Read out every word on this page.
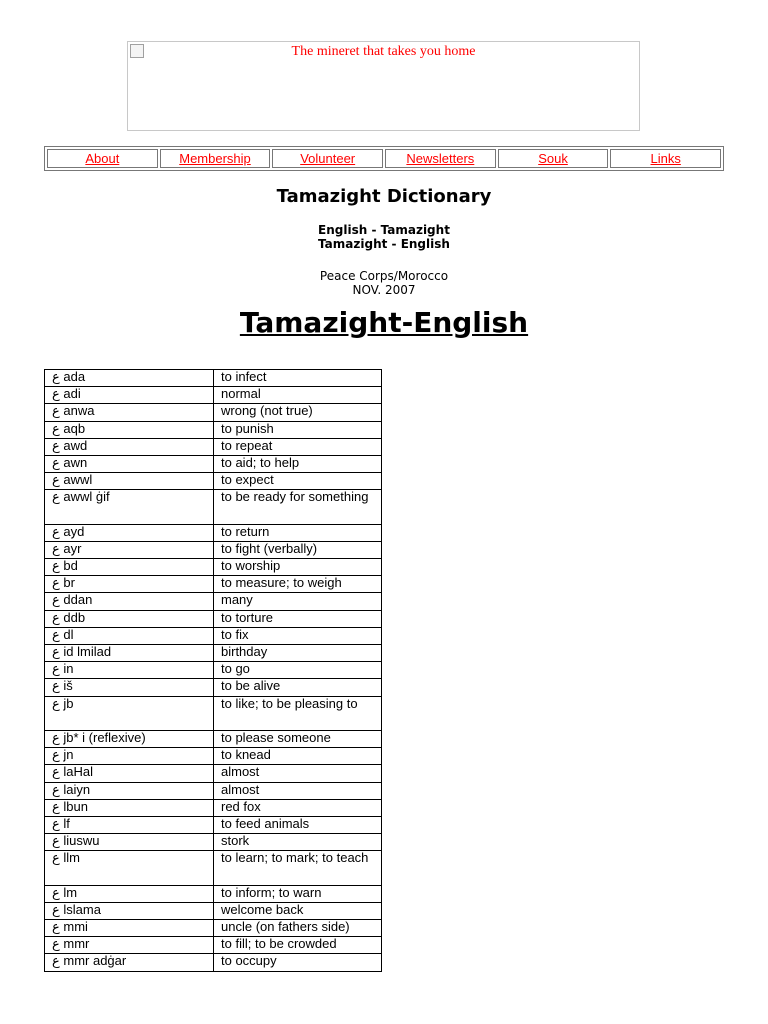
The mineret that takes you home
About	Membership	Volunteer	Newsletters	Souk	Links
Tamazight Dictionary
English - Tamazight
Tamazight - English
Peace Corps/Morocco
NOV. 2007
Tamazight-English
ع ada	to infect
ع adi	normal
ع anwa	wrong (not true)
ع aqb	to punish
ع awd	to repeat
ع awn	to aid; to help
ع awwl	to expect
ع awwl ġif	to be ready for something
ع ayd	to return
ع ayr	to fight (verbally)
ع bd	to worship
ع br	to measure; to weigh
ع ddan	many
ع ddb	to torture
ع dl	to fix
ع id lmilad	birthday
ع in	to go
ع iš	to be alive
ع jb	to like; to be pleasing to
ع jb* i (reflexive)	to please someone
ع jn	to knead
ع laHal	almost
ع laiyn	almost
ع lbun	red fox
ع lf	to feed animals
ع liuswu	stork
ع llm	to learn; to mark; to teach
ع lm	to inform; to warn
ع lslama	welcome back
ع mmi	uncle (on fathers side)
ع mmr	to fill; to be crowded
ع mmr adġar	to occupy
